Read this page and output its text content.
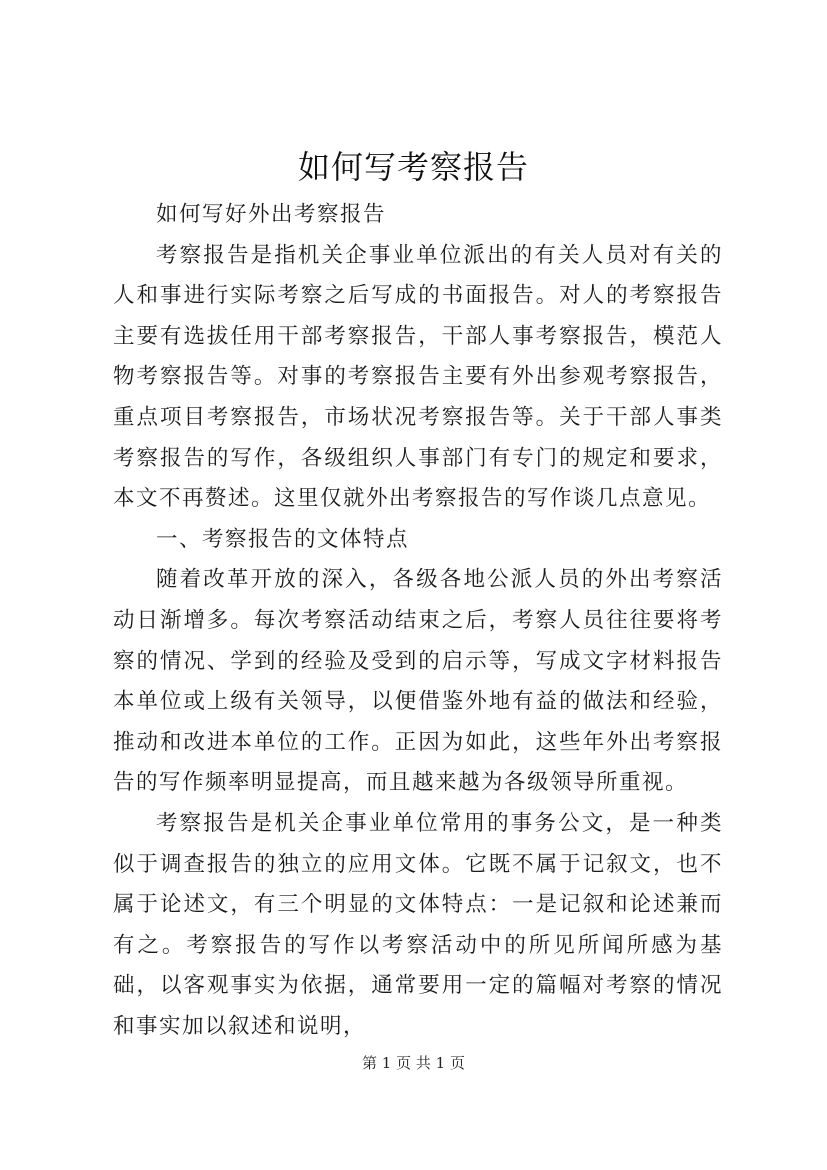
如何写考察报告

如何写好外出考察报告

考察报告是指机关企事业单位派出的有关人员对有关的人和事进行实际考察之后写成的书面报告。对人的考察报告主要有选拔任用干部考察报告，干部人事考察报告，模范人物考察报告等。对事的考察报告主要有外出参观考察报告，重点项目考察报告，市场状况考察报告等。关于干部人事类考察报告的写作，各级组织人事部门有专门的规定和要求，本文不再赘述。这里仅就外出考察报告的写作谈几点意见。

一、考察报告的文体特点

随着改革开放的深入，各级各地公派人员的外出考察活动日渐增多。每次考察活动结束之后，考察人员往往要将考察的情况、学到的经验及受到的启示等，写成文字材料报告本单位或上级有关领导，以便借鉴外地有益的做法和经验，推动和改进本单位的工作。正因为如此，这些年外出考察报告的写作频率明显提高，而且越来越为各级领导所重视。

考察报告是机关企事业单位常用的事务公文，是一种类似于调查报告的独立的应用文体。它既不属于记叙文，也不属于论述文，有三个明显的文体特点：一是记叙和论述兼而有之。考察报告的写作以考察活动中的所见所闻所感为基础，以客观事实为依据，通常要用一定的篇幅对考察的情况和事实加以叙述和说明，

第 1 页 共 1 页
